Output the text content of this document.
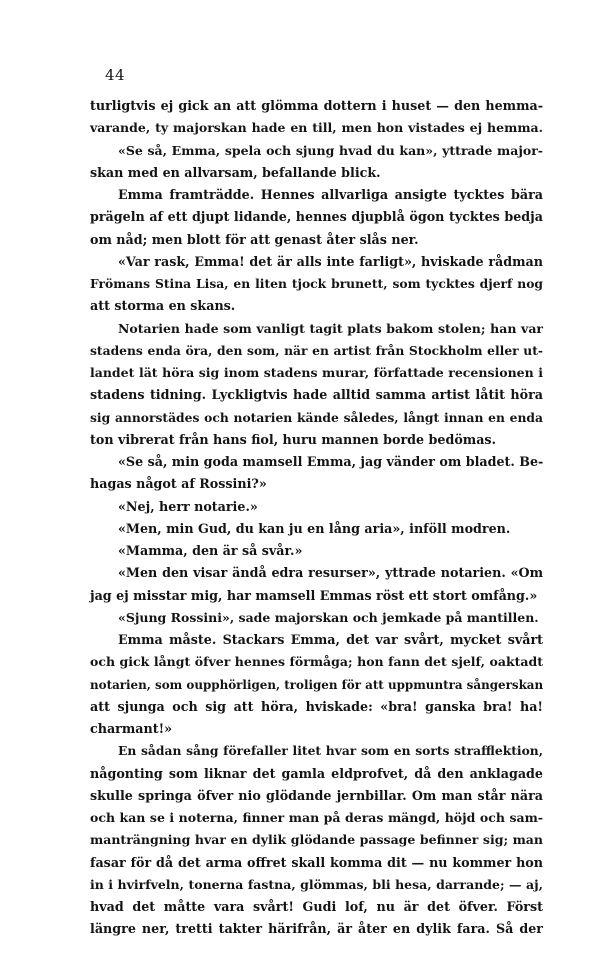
44
turligtvis ej gick an att glömma dottern i huset — den hemma-
varande, ty majorskan hade en till, men hon vistades ej hemma.
«Se så, Emma, spela och sjung hvad du kan», yttrade major-
skan med en allvarsam, befallande blick.
Emma framträdde. Hennes allvarliga ansigte tycktes bära
prägeln af ett djupt lidande, hennes djupblå ögon tycktes bedja
om nåd; men blott för att genast åter slås ner.
«Var rask, Emma! det är alls inte farligt», hviskade rådman
Frömans Stina Lisa, en liten tjock brunett, som tycktes djerf nog
att storma en skans.
Notarien hade som vanligt tagit plats bakom stolen; han var
stadens enda öra, den som, när en artist från Stockholm eller ut-
landet lät höra sig inom stadens murar, författade recensionen i
stadens tidning. Lyckligtvis hade alltid samma artist låtit höra
sig annorstädes och notarien kände således, långt innan en enda
ton vibrerat från hans fiol, huru mannen borde bedömas.
«Se så, min goda mamsell Emma, jag vänder om bladet. Be-
hagas något af Rossini?»
«Nej, herr notarie.»
«Men, min Gud, du kan ju en lång aria», inföll modren.
«Mamma, den är så svår.»
«Men den visar ändå edra resurser», yttrade notarien. «Om
jag ej misstar mig, har mamsell Emmas röst ett stort omfång.»
«Sjung Rossini», sade majorskan och jemkade på mantillen.
Emma måste. Stackars Emma, det var svårt, mycket svårt
och gick långt öfver hennes förmåga; hon fann det sjelf, oaktadt
notarien, som oupphörligen, troligen för att uppmuntra sångerskan
att sjunga och sig att höra, hviskade: «bra! ganska bra! ha!
charmant!»
En sådan sång förefaller litet hvar som en sorts strafflektion,
någonting som liknar det gamla eldprofvet, då den anklagade
skulle springa öfver nio glödande jernbillar. Om man står nära
och kan se i noterna, finner man på deras mängd, höjd och sam-
manträngning hvar en dylik glödande passage befinner sig; man
fasar för då det arma offret skall komma dit — nu kommer hon
in i hvirfveln, tonerna fastna, glömmas, bli hesa, darrande; — aj,
hvad det måtte vara svårt! Gudi lof, nu är det öfver. Först
längre ner, tretti takter härifrån, är åter en dylik fara. Så der
